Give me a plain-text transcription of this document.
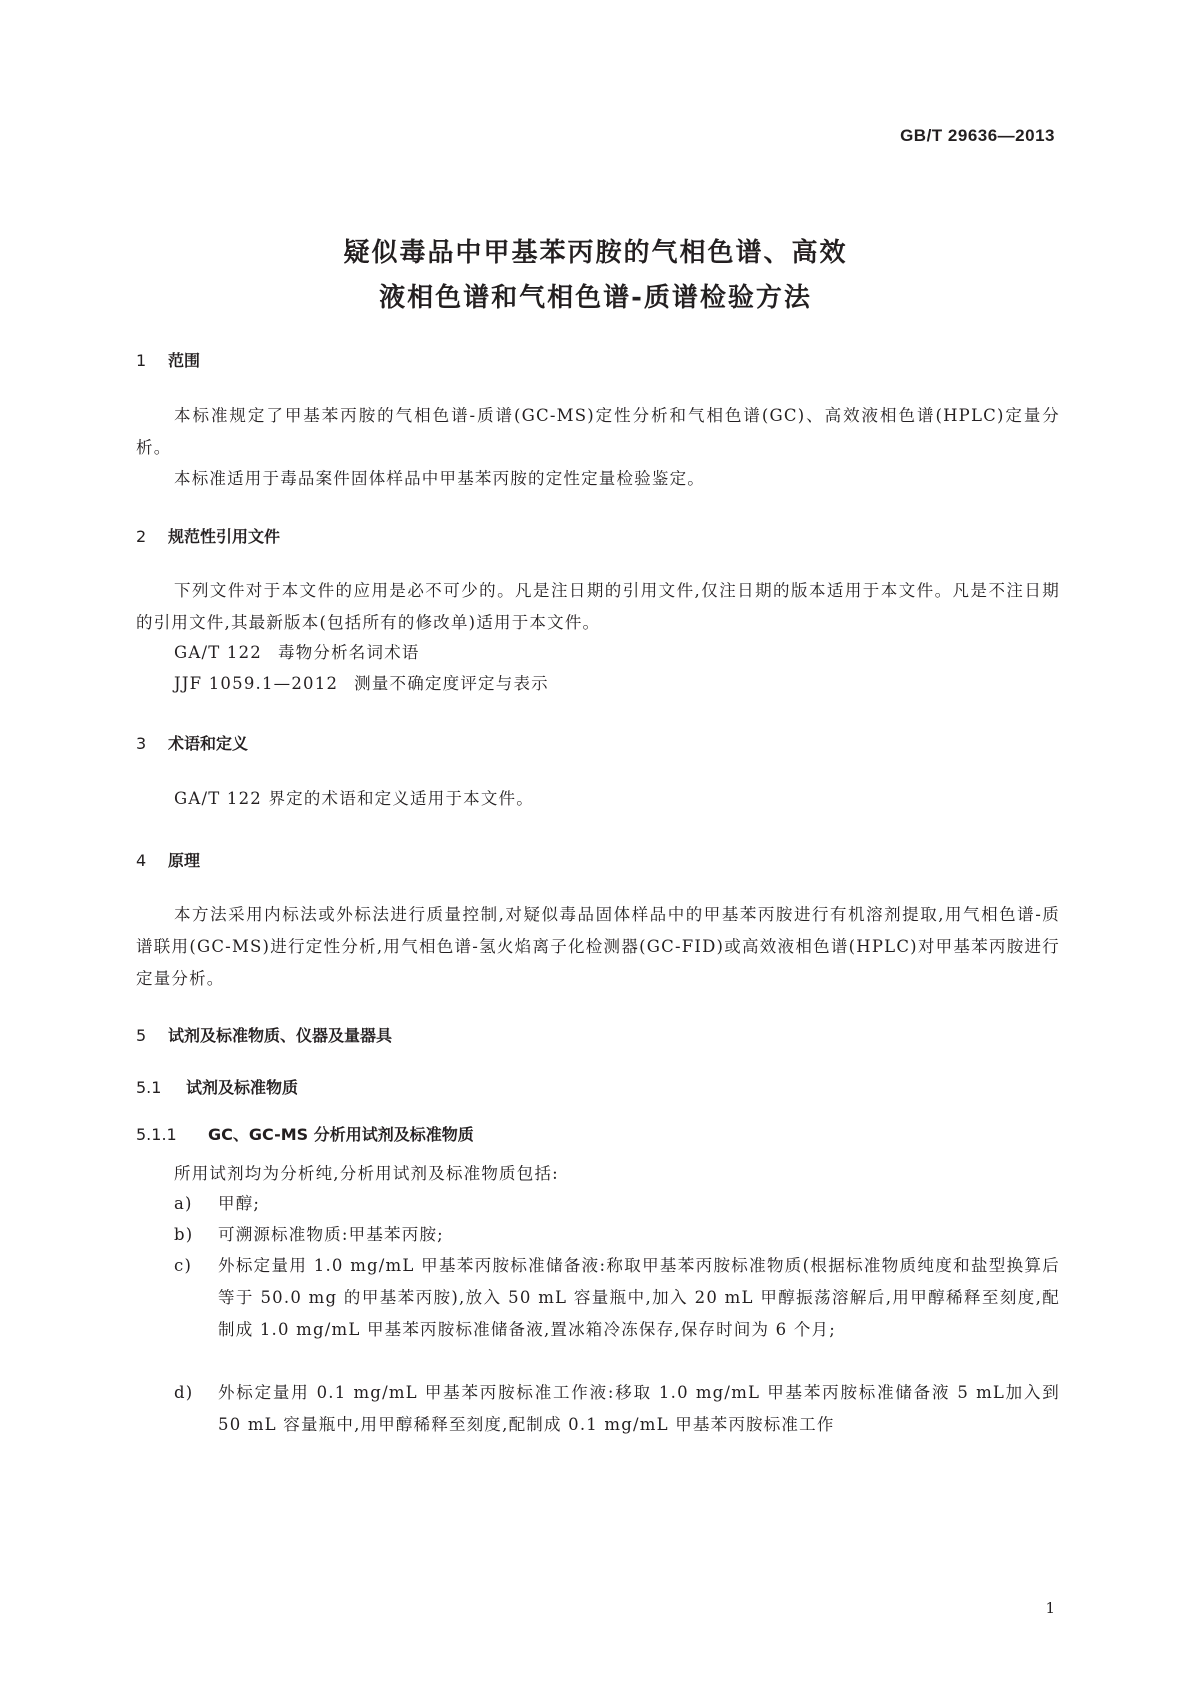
GB/T 29636—2013
疑似毒品中甲基苯丙胺的气相色谱、高效
液相色谱和气相色谱-质谱检验方法
1 范围
本标准规定了甲基苯丙胺的气相色谱-质谱(GC-MS)定性分析和气相色谱(GC)、高效液相色谱(HPLC)定量分析。
本标准适用于毒品案件固体样品中甲基苯丙胺的定性定量检验鉴定。
2 规范性引用文件
下列文件对于本文件的应用是必不可少的。凡是注日期的引用文件,仅注日期的版本适用于本文件。凡是不注日期的引用文件,其最新版本(包括所有的修改单)适用于本文件。
GA/T 122 毒物分析名词术语
JJF 1059.1—2012 测量不确定度评定与表示
3 术语和定义
GA/T 122 界定的术语和定义适用于本文件。
4 原理
本方法采用内标法或外标法进行质量控制,对疑似毒品固体样品中的甲基苯丙胺进行有机溶剂提取,用气相色谱-质谱联用(GC-MS)进行定性分析,用气相色谱-氢火焰离子化检测器(GC-FID)或高效液相色谱(HPLC)对甲基苯丙胺进行定量分析。
5 试剂及标准物质、仪器及量器具
5.1 试剂及标准物质
5.1.1 GC、GC-MS 分析用试剂及标准物质
所用试剂均为分析纯,分析用试剂及标准物质包括:
a)	甲醇;
b)	可溯源标准物质:甲基苯丙胺;
c)	外标定量用 1.0 mg/mL 甲基苯丙胺标准储备液:称取甲基苯丙胺标准物质(根据标准物质纯度和盐型换算后等于 50.0 mg 的甲基苯丙胺),放入 50 mL 容量瓶中,加入 20 mL 甲醇振荡溶解后,用甲醇稀释至刻度,配制成 1.0 mg/mL 甲基苯丙胺标准储备液,置冰箱冷冻保存,保存时间为 6 个月;
d)	外标定量用 0.1 mg/mL 甲基苯丙胺标准工作液:移取 1.0 mg/mL 甲基苯丙胺标准储备液 5 mL加入到 50 mL 容量瓶中,用甲醇稀释至刻度,配制成 0.1 mg/mL 甲基苯丙胺标准工作
1
